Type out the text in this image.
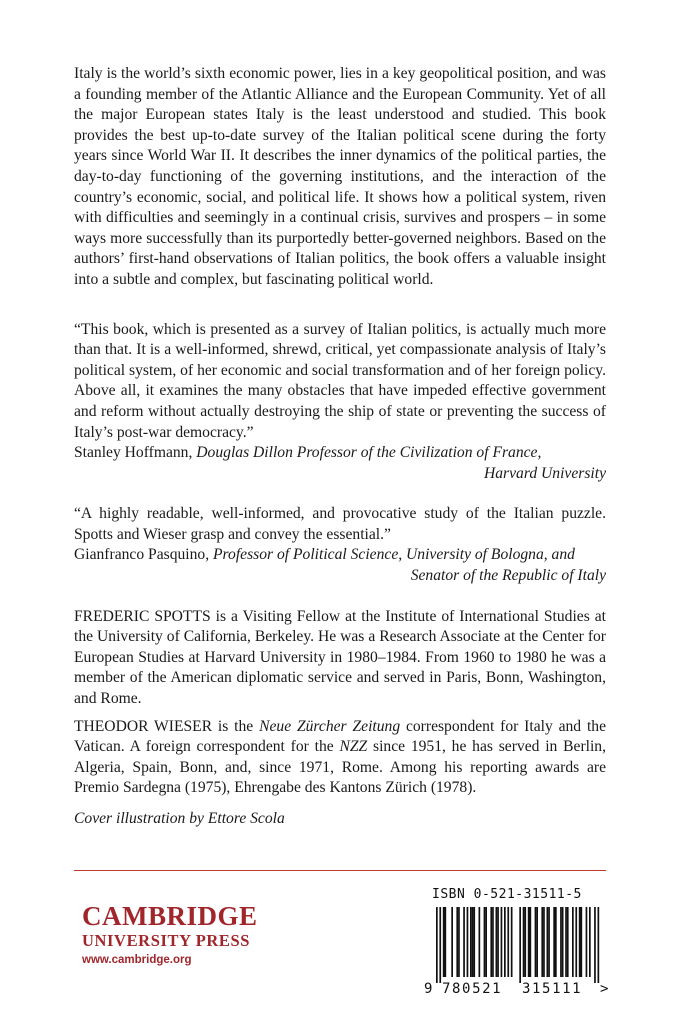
Italy is the world’s sixth economic power, lies in a key geopolitical position, and was a founding member of the Atlantic Alliance and the European Community. Yet of all the major European states Italy is the least understood and studied. This book provides the best up-to-date survey of the Italian political scene during the forty years since World War II. It describes the inner dynamics of the political parties, the day-to-day functioning of the governing institutions, and the interaction of the country’s economic, social, and political life. It shows how a political system, riven with difficulties and seemingly in a continual crisis, survives and prospers – in some ways more successfully than its purportedly better-governed neighbors. Based on the authors’ first-hand observations of Italian politics, the book offers a valuable insight into a subtle and complex, but fascinating political world.

“This book, which is presented as a survey of Italian politics, is actually much more than that. It is a well-informed, shrewd, critical, yet compassionate analysis of Italy’s political system, of her economic and social transformation and of her foreign policy. Above all, it examines the many obstacles that have impeded effective government and reform without actually destroying the ship of state or preventing the success of Italy’s post-war democracy.”

Stanley Hoffmann, Douglas Dillon Professor of the Civilization of France,
Harvard University

“A highly readable, well-informed, and provocative study of the Italian puzzle. Spotts and Wieser grasp and convey the essential.”

Gianfranco Pasquino, Professor of Political Science, University of Bologna, and
Senator of the Republic of Italy

FREDERIC SPOTTS is a Visiting Fellow at the Institute of International Studies at the University of California, Berkeley. He was a Research Associate at the Center for European Studies at Harvard University in 1980–1984. From 1960 to 1980 he was a member of the American diplomatic service and served in Paris, Bonn, Washington, and Rome.

THEODOR WIESER is the Neue Zürcher Zeitung correspondent for Italy and the Vatican. A foreign correspondent for the NZZ since 1951, he has served in Berlin, Algeria, Spain, Bonn, and, since 1971, Rome. Among his reporting awards are Premio Sardegna (1975), Ehrengabe des Kantons Zürich (1978).

Cover illustration by Ettore Scola

CAMBRIDGE
UNIVERSITY PRESS
www.cambridge.org
ISBN 0-521-31511-5
9 780521 315111 >
